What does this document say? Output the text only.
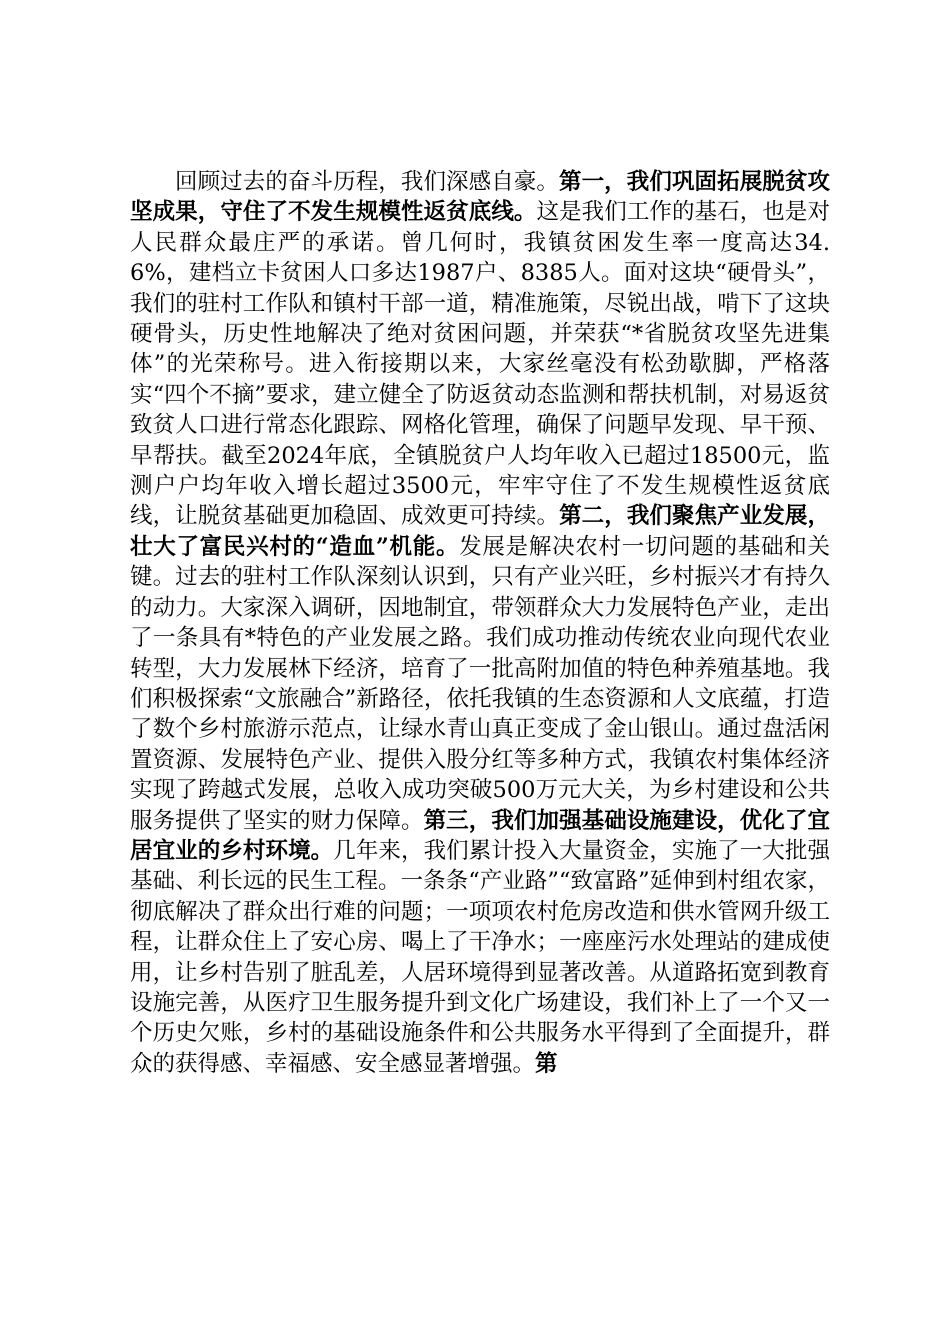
回顾过去的奋斗历程，我们深感自豪。第一，我们巩固拓展脱贫攻坚成果，守住了不发生规模性返贫底线。这是我们工作的基石，也是对人民群众最庄严的承诺。曾几何时，我镇贫困发生率一度高达34.6%，建档立卡贫困人口多达1987户、8385人。面对这块“硬骨头”，我们的驻村工作队和镇村干部一道，精准施策，尽锐出战，啃下了这块硬骨头，历史性地解决了绝对贫困问题，并荣获“*省脱贫攻坚先进集体”的光荣称号。进入衔接期以来，大家丝毫没有松劲歇脚，严格落实“四个不摘”要求，建立健全了防返贫动态监测和帮扶机制，对易返贫致贫人口进行常态化跟踪、网格化管理，确保了问题早发现、早干预、早帮扶。截至2024年底，全镇脱贫户人均年收入已超过18500元，监测户户均年收入增长超过3500元，牢牢守住了不发生规模性返贫底线，让脱贫基础更加稳固、成效更可持续。第二，我们聚焦产业发展，壮大了富民兴村的“造血”机能。发展是解决农村一切问题的基础和关键。过去的驻村工作队深刻认识到，只有产业兴旺，乡村振兴才有持久的动力。大家深入调研，因地制宜，带领群众大力发展特色产业，走出了一条具有*特色的产业发展之路。我们成功推动传统农业向现代农业转型，大力发展林下经济，培育了一批高附加值的特色种养殖基地。我们积极探索“文旅融合”新路径，依托我镇的生态资源和人文底蕴，打造了数个乡村旅游示范点，让绿水青山真正变成了金山银山。通过盘活闲置资源、发展特色产业、提供入股分红等多种方式，我镇农村集体经济实现了跨越式发展，总收入成功突破500万元大关，为乡村建设和公共服务提供了坚实的财力保障。第三，我们加强基础设施建设，优化了宜居宜业的乡村环境。几年来，我们累计投入大量资金，实施了一大批强基础、利长远的民生工程。一条条“产业路”“致富路”延伸到村组农家，彻底解决了群众出行难的问题；一项项农村危房改造和供水管网升级工程，让群众住上了安心房、喝上了干净水；一座座污水处理站的建成使用，让乡村告别了脏乱差，人居环境得到显著改善。从道路拓宽到教育设施完善，从医疗卫生服务提升到文化广场建设，我们补上了一个又一个历史欠账，乡村的基础设施条件和公共服务水平得到了全面提升，群众的获得感、幸福感、安全感显著增强。第
